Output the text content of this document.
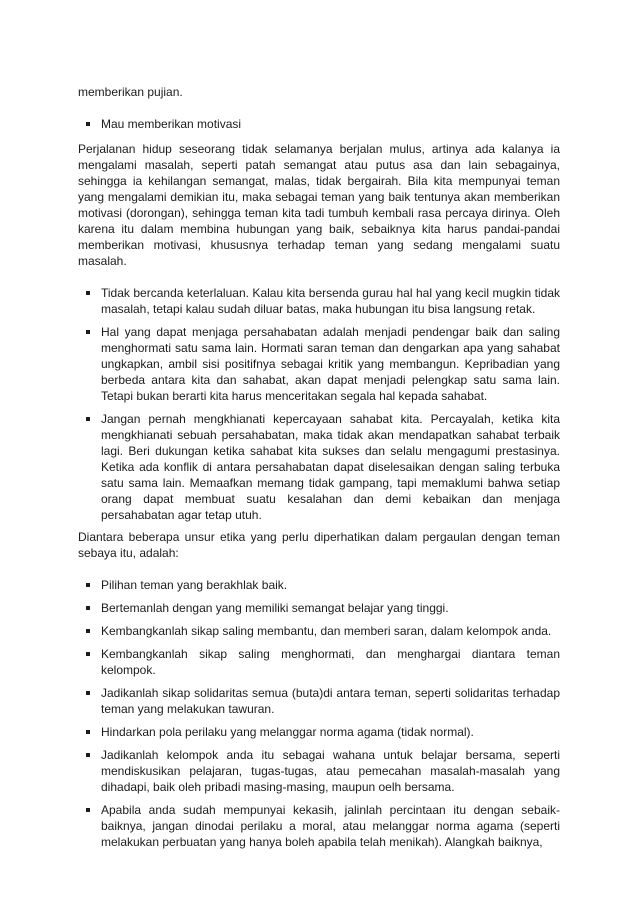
memberikan pujian.

Mau memberikan motivasi

Perjalanan hidup seseorang tidak selamanya berjalan mulus, artinya ada kalanya ia mengalami masalah, seperti patah semangat atau putus asa dan lain sebagainya, sehingga ia kehilangan semangat, malas, tidak bergairah. Bila kita mempunyai teman yang mengalami demikian itu, maka sebagai teman yang baik tentunya akan memberikan motivasi (dorongan), sehingga teman kita tadi tumbuh kembali rasa percaya dirinya. Oleh karena itu dalam membina hubungan yang baik, sebaiknya kita harus pandai-pandai memberikan motivasi, khususnya terhadap teman yang sedang mengalami suatu masalah.

Tidak bercanda keterlaluan. Kalau kita bersenda gurau hal hal yang kecil mugkin tidak masalah, tetapi kalau sudah diluar batas, maka hubungan itu bisa langsung retak.
Hal yang dapat menjaga persahabatan adalah menjadi pendengar baik dan saling menghormati satu sama lain. Hormati saran teman dan dengarkan apa yang sahabat ungkapkan, ambil sisi positifnya sebagai kritik yang membangun. Kepribadian yang berbeda antara kita dan sahabat, akan dapat menjadi pelengkap satu sama lain. Tetapi bukan berarti kita harus menceritakan segala hal kepada sahabat.
Jangan pernah mengkhianati kepercayaan sahabat kita. Percayalah, ketika kita mengkhianati sebuah persahabatan, maka tidak akan mendapatkan sahabat terbaik lagi. Beri dukungan ketika sahabat kita sukses dan selalu mengagumi prestasinya. Ketika ada konflik di antara persahabatan dapat diselesaikan dengan saling terbuka satu sama lain. Memaafkan memang tidak gampang, tapi memaklumi bahwa setiap orang dapat membuat suatu kesalahan dan demi kebaikan dan menjaga persahabatan agar tetap utuh.

Diantara beberapa unsur etika yang perlu diperhatikan dalam pergaulan dengan teman sebaya itu, adalah:

Pilihan teman yang berakhlak baik.
Bertemanlah dengan yang memiliki semangat belajar yang tinggi.
Kembangkanlah sikap saling membantu, dan memberi saran, dalam kelompok anda.
Kembangkanlah sikap saling menghormati, dan menghargai diantara teman kelompok.
Jadikanlah sikap solidaritas semua (buta)di antara teman, seperti solidaritas terhadap teman yang melakukan tawuran.
Hindarkan pola perilaku yang melanggar norma agama (tidak normal).
Jadikanlah kelompok anda itu sebagai wahana untuk belajar bersama, seperti mendiskusikan pelajaran, tugas-tugas, atau pemecahan masalah-masalah yang dihadapi, baik oleh pribadi masing-masing, maupun oelh bersama.
Apabila anda sudah mempunyai kekasih, jalinlah percintaan itu dengan sebaik-baiknya, jangan dinodai perilaku a moral, atau melanggar norma agama (seperti melakukan perbuatan yang hanya boleh apabila telah menikah). Alangkah baiknya,
